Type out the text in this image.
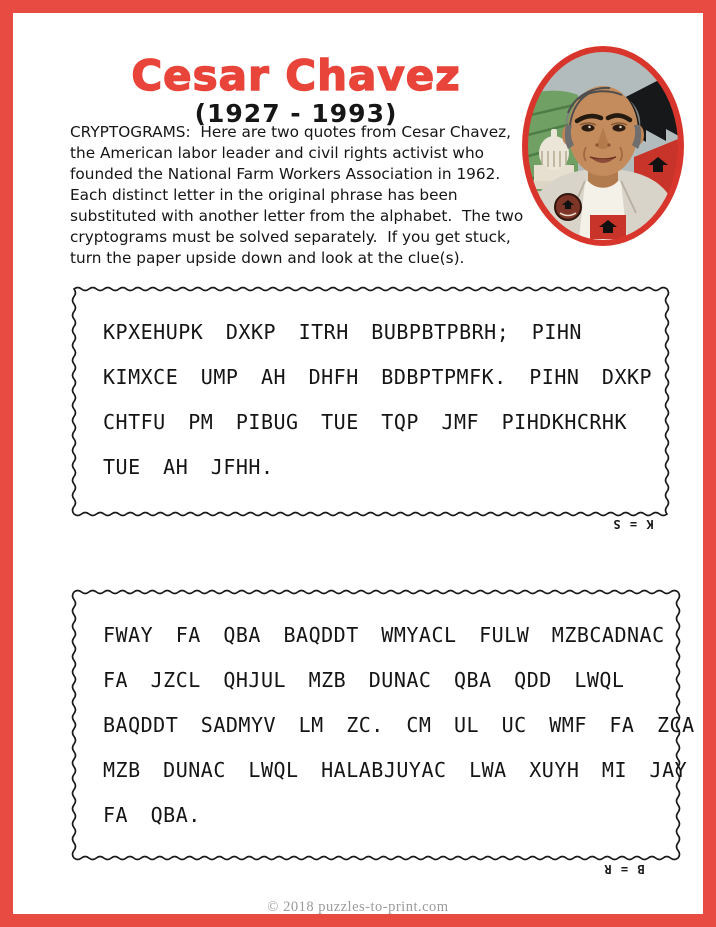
Cesar Chavez
(1927 - 1993)
CRYPTOGRAMS:  Here are two quotes from Cesar Chavez, the American labor leader and civil rights activist who founded the National Farm Workers Association in 1962.  Each distinct letter in the original phrase has been substituted with another letter from the alphabet.  The two cryptograms must be solved separately.  If you get stuck, turn the paper upside down and look at the clue(s).
KPXEHUPK DXKP ITRH BUBPBTPBRH; PIHN
KIMXCE UMP AH DHFH BDBPTPMFK. PIHN DXKP
CHTFU PM PIBUG TUE TQP JMF PIHDKHCRHK
TUE AH JFHH.
K = S
FWAY FA QBA BAQDDT WMYACL FULW MZBCADNAC
FA JZCL QHJUL MZB DUNAC QBA QDD LWQL
BAQDDT SADMYV LM ZC. CM UL UC WMF FA ZCA
MZB DUNAC LWQL HALABJUYAC LWA XUYH MI JAY
FA QBA.
B = R
© 2018 puzzles-to-print.com
